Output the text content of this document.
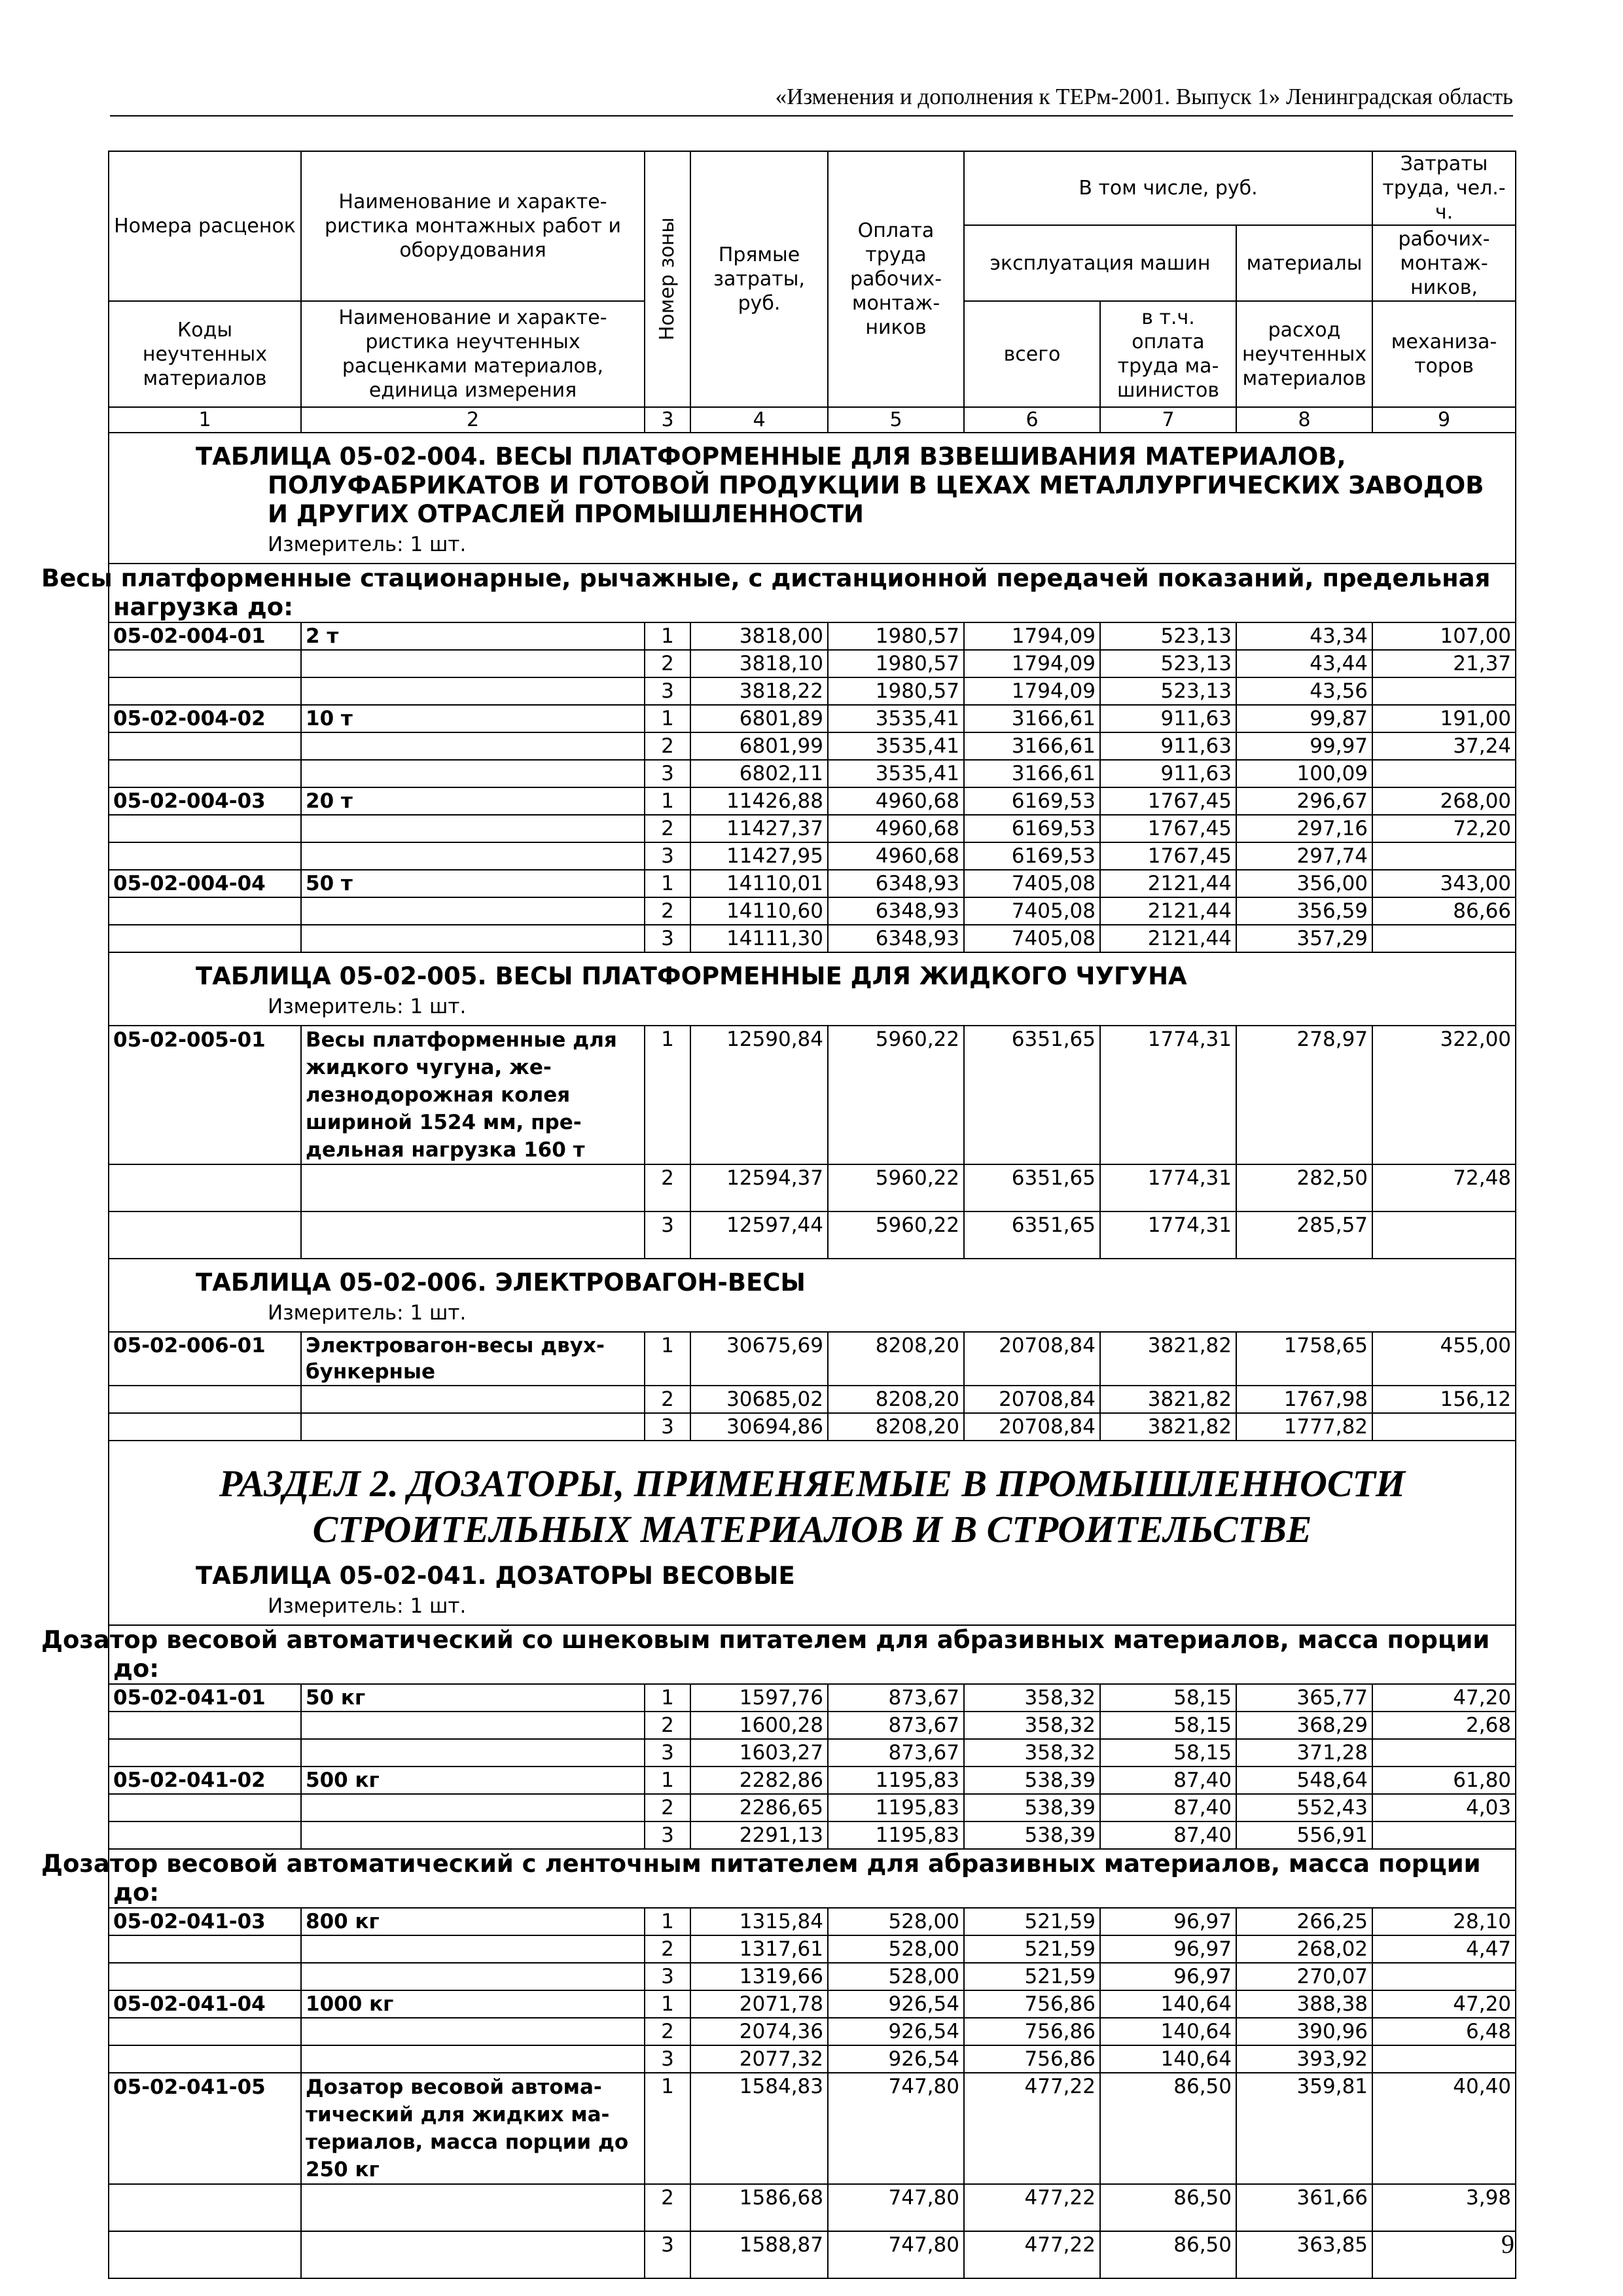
«Изменения и дополнения к ТЕРм-2001. Выпуск 1» Ленинградская область
Номера расценок	Наименование и характеристика монтажных работ и оборудования	Номер зоны	Прямые затраты, руб.	Оплата труда рабочих-монтажников	В том числе, руб.			Затраты труда, чел.-ч.
					эксплуатация машин		материалы	рабочих-монтажников,
Коды неучтенных материалов	Наименование и характеристика неучтенных расценками материалов, единица измерения				всего	в т.ч. оплата труда машинистов	расход неучтенных материалов	механизаторов
1	2	3	4	5	6	7	8	9

ТАБЛИЦА 05-02-004. ВЕСЫ ПЛАТФОРМЕННЫЕ ДЛЯ ВЗВЕШИВАНИЯ МАТЕРИАЛОВ, ПОЛУФАБРИКАТОВ И ГОТОВОЙ ПРОДУКЦИИ В ЦЕХАХ МЕТАЛЛУРГИЧЕСКИХ ЗАВОДОВ И ДРУГИХ ОТРАСЛЕЙ ПРОМЫШЛЕННОСТИ
Измеритель: 1 шт.								

Весы платформенные стационарные, рычажные, с дистанционной передачей показаний, предельная нагрузка до:								
05-02-004-01	2 т	1	3818,00	1980,57	1794,09	523,13	43,34	107,00
		2	3818,10	1980,57	1794,09	523,13	43,44	21,37
		3	3818,22	1980,57	1794,09	523,13	43,56	
05-02-004-02	10 т	1	6801,89	3535,41	3166,61	911,63	99,87	191,00
		2	6801,99	3535,41	3166,61	911,63	99,97	37,24
		3	6802,11	3535,41	3166,61	911,63	100,09	
05-02-004-03	20 т	1	11426,88	4960,68	6169,53	1767,45	296,67	268,00
		2	11427,37	4960,68	6169,53	1767,45	297,16	72,20
		3	11427,95	4960,68	6169,53	1767,45	297,74	
05-02-004-04	50 т	1	14110,01	6348,93	7405,08	2121,44	356,00	343,00
		2	14110,60	6348,93	7405,08	2121,44	356,59	86,66
		3	14111,30	6348,93	7405,08	2121,44	357,29	

ТАБЛИЦА 05-02-005. ВЕСЫ ПЛАТФОРМЕННЫЕ ДЛЯ ЖИДКОГО ЧУГУНА
Измеритель: 1 шт.								

05-02-005-01	Весы платформенные для жидкого чугуна, железнодорожная колея шириной 1524 мм, предельная нагрузка 160 т	1	12590,84	5960,22	6351,65	1774,31	278,97	322,00
		2	12594,37	5960,22	6351,65	1774,31	282,50	72,48
		3	12597,44	5960,22	6351,65	1774,31	285,57	

ТАБЛИЦА 05-02-006. ЭЛЕКТРОВАГОН-ВЕСЫ
Измеритель: 1 шт.								

05-02-006-01	Электровагон-весы двухбункерные	1	30675,69	8208,20	20708,84	3821,82	1758,65	455,00
		2	30685,02	8208,20	20708,84	3821,82	1767,98	156,12
		3	30694,86	8208,20	20708,84	3821,82	1777,82	

РАЗДЕЛ 2. ДОЗАТОРЫ, ПРИМЕНЯЕМЫЕ В ПРОМЫШЛЕННОСТИ СТРОИТЕЛЬНЫХ МАТЕРИАЛОВ И В СТРОИТЕЛЬСТВЕ
ТАБЛИЦА 05-02-041. ДОЗАТОРЫ ВЕСОВЫЕ
Измеритель: 1 шт.								

Дозатор весовой автоматический со шнековым питателем для абразивных материалов, масса порции до:								
05-02-041-01	50 кг	1	1597,76	873,67	358,32	58,15	365,77	47,20
		2	1600,28	873,67	358,32	58,15	368,29	2,68
		3	1603,27	873,67	358,32	58,15	371,28	
05-02-041-02	500 кг	1	2282,86	1195,83	538,39	87,40	548,64	61,80
		2	2286,65	1195,83	538,39	87,40	552,43	4,03
		3	2291,13	1195,83	538,39	87,40	556,91	
Дозатор весовой автоматический с ленточным питателем для абразивных материалов, масса порции до:								
05-02-041-03	800 кг	1	1315,84	528,00	521,59	96,97	266,25	28,10
		2	1317,61	528,00	521,59	96,97	268,02	4,47
		3	1319,66	528,00	521,59	96,97	270,07	
05-02-041-04	1000 кг	1	2071,78	926,54	756,86	140,64	388,38	47,20
		2	2074,36	926,54	756,86	140,64	390,96	6,48
		3	2077,32	926,54	756,86	140,64	393,92	
05-02-041-05	Дозатор весовой автоматический для жидких материалов, масса порции до 250 кг	1	1584,83	747,80	477,22	86,50	359,81	40,40
		2	1586,68	747,80	477,22	86,50	361,66	3,98
		3	1588,87	747,80	477,22	86,50	363,85		9
